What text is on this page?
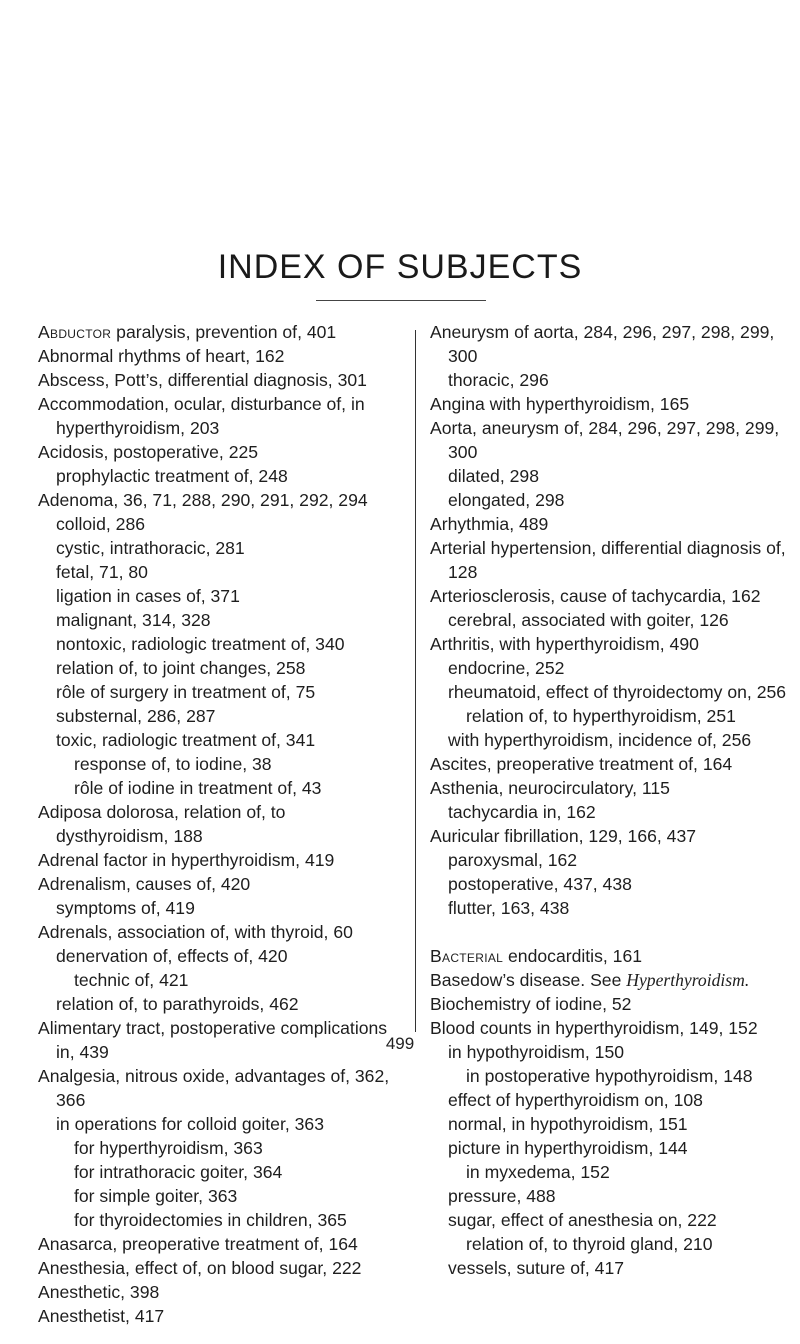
INDEX OF SUBJECTS

Abductor paralysis, prevention of, 401

Abnormal rhythms of heart, 162

Abscess, Pott’s, differential diagnosis, 301

Accommodation, ocular, disturbance of, in hyperthyroidism, 203

Acidosis, postoperative, 225

prophylactic treatment of, 248

Adenoma, 36, 71, 288, 290, 291, 292, 294

colloid, 286

cystic, intrathoracic, 281

fetal, 71, 80

ligation in cases of, 371

malignant, 314, 328

nontoxic, radiologic treatment of, 340

relation of, to joint changes, 258

rôle of surgery in treatment of, 75

substernal, 286, 287

toxic, radiologic treatment of, 341

response of, to iodine, 38

rôle of iodine in treatment of, 43

Adiposa dolorosa, relation of, to dysthyroidism, 188

Adrenal factor in hyperthyroidism, 419

Adrenalism, causes of, 420

symptoms of, 419

Adrenals, association of, with thyroid, 60

denervation of, effects of, 420

technic of, 421

relation of, to parathyroids, 462

Alimentary tract, postoperative complications in, 439

Analgesia, nitrous oxide, advantages of, 362, 366

in operations for colloid goiter, 363

for hyperthyroidism, 363

for intrathoracic goiter, 364

for simple goiter, 363

for thyroidectomies in children, 365

Anasarca, preoperative treatment of, 164

Anesthesia, effect of, on blood sugar, 222

Anesthetic, 398

Anesthetist, 417

Aneurysm of aorta, 284, 296, 297, 298, 299, 300

thoracic, 296

Angina with hyperthyroidism, 165

Aorta, aneurysm of, 284, 296, 297, 298, 299, 300

dilated, 298

elongated, 298

Arhythmia, 489

Arterial hypertension, differential diagnosis of, 128

Arteriosclerosis, cause of tachycardia, 162

cerebral, associated with goiter, 126

Arthritis, with hyperthyroidism, 490

endocrine, 252

rheumatoid, effect of thyroidectomy on, 256

relation of, to hyperthyroidism, 251

with hyperthyroidism, incidence of, 256

Ascites, preoperative treatment of, 164

Asthenia, neurocirculatory, 115

tachycardia in, 162

Auricular fibrillation, 129, 166, 437

paroxysmal, 162

postoperative, 437, 438

flutter, 163, 438

Bacterial endocarditis, 161

Basedow’s disease. See Hyperthyroidism.

Biochemistry of iodine, 52

Blood counts in hyperthyroidism, 149, 152

in hypothyroidism, 150

in postoperative hypothyroidism, 148

effect of hyperthyroidism on, 108

normal, in hypothyroidism, 151

picture in hyperthyroidism, 144

in myxedema, 152

pressure, 488

sugar, effect of anesthesia on, 222

relation of, to thyroid gland, 210

vessels, suture of, 417

499
